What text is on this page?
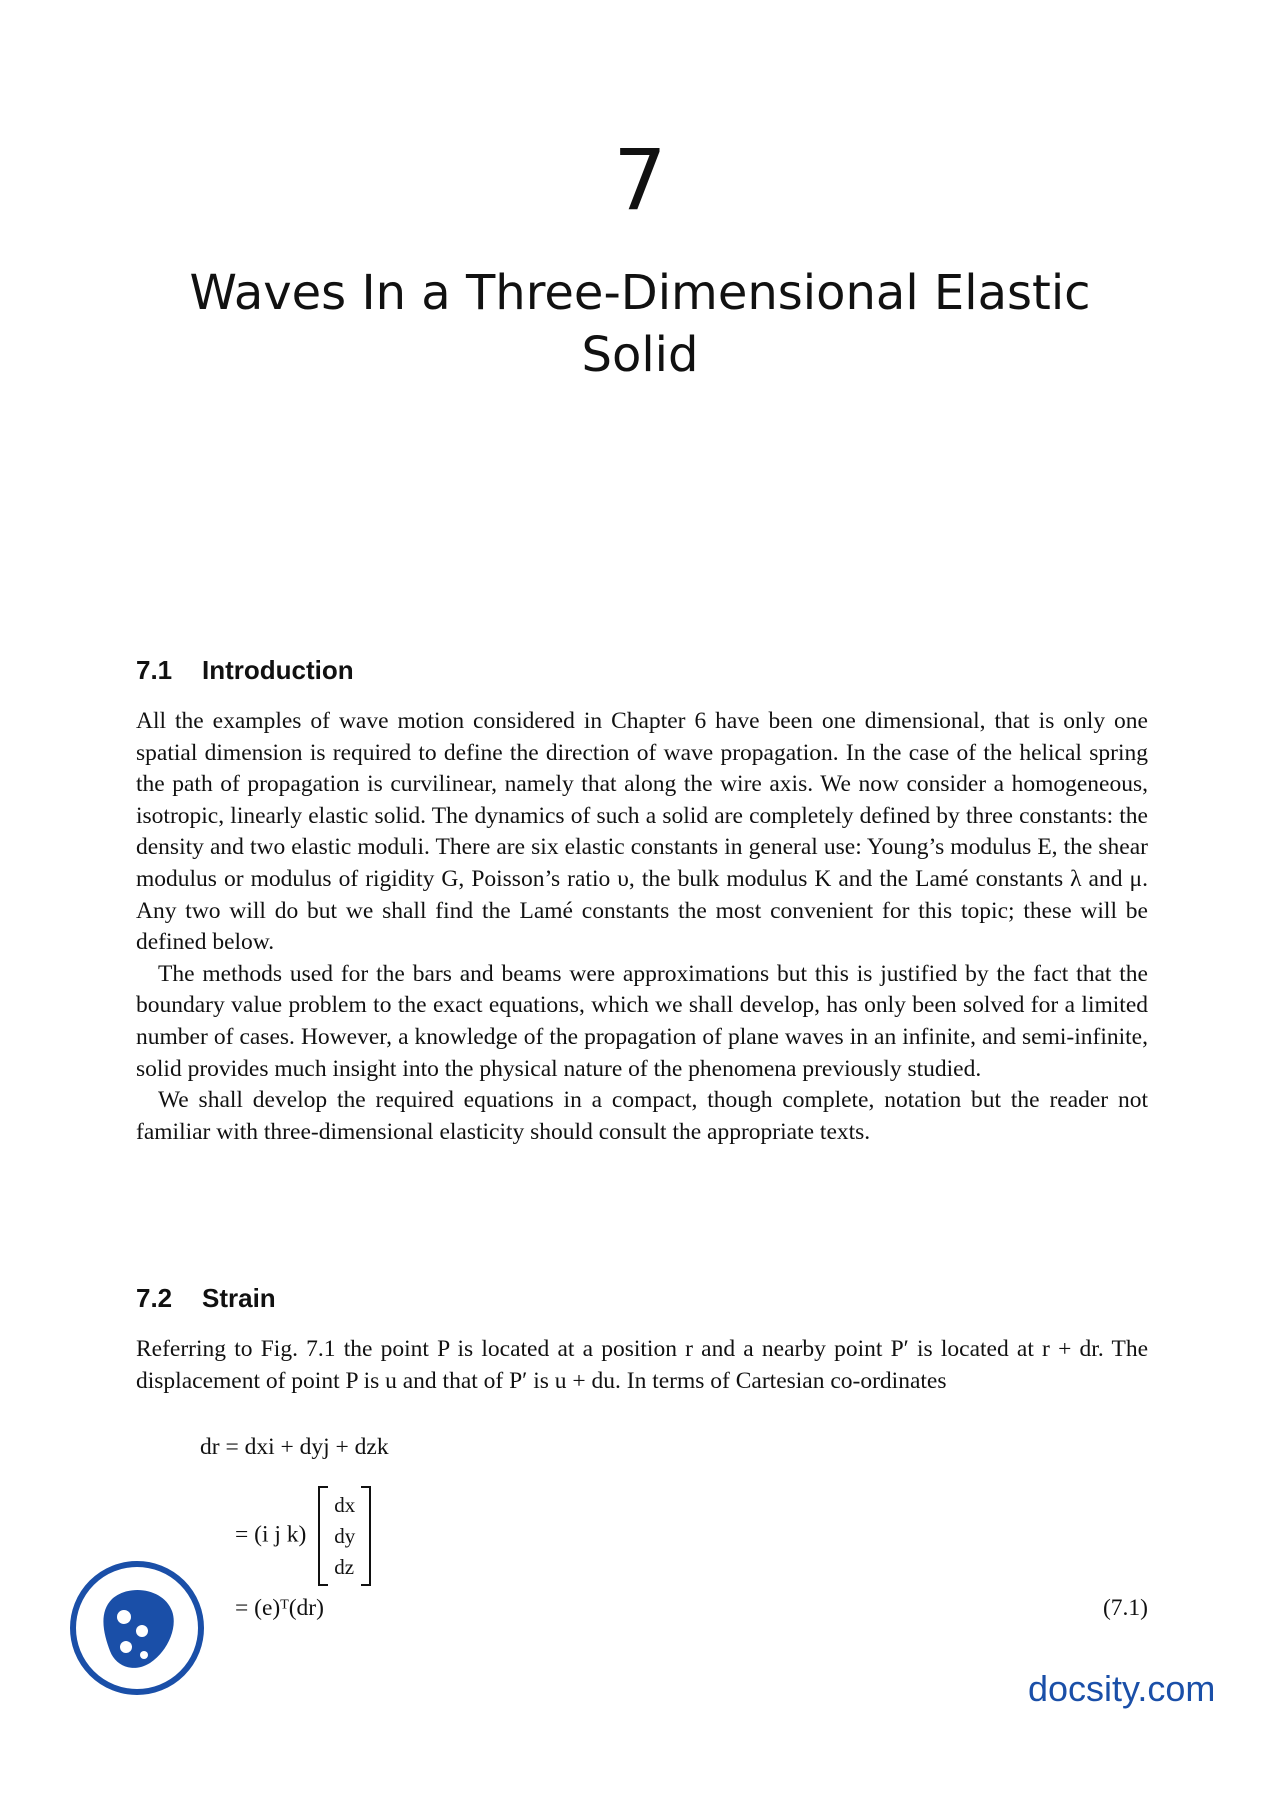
7
Waves In a Three-Dimensional Elastic
Solid
7.1 Introduction

All the examples of wave motion considered in Chapter 6 have been one dimensional, that is only one spatial dimension is required to define the direction of wave propagation. In the case of the helical spring the path of propagation is curvilinear, namely that along the wire axis. We now consider a homogeneous, isotropic, linearly elastic solid. The dynamics of such a solid are completely defined by three constants: the density and two elastic moduli. There are six elastic constants in general use: Young’s modulus E, the shear modulus or modulus of rigidity G, Poisson’s ratio υ, the bulk modulus K and the Lamé constants λ and μ. Any two will do but we shall find the Lamé constants the most convenient for this topic; these will be defined below.

The methods used for the bars and beams were approximations but this is justified by the fact that the boundary value problem to the exact equations, which we shall develop, has only been solved for a limited number of cases. However, a knowledge of the propagation of plane waves in an infinite, and semi-infinite, solid provides much insight into the physical nature of the phenomena previously studied.

We shall develop the required equations in a compact, though complete, notation but the reader not familiar with three-dimensional elasticity should consult the appropriate texts.

7.2 Strain

Referring to Fig. 7.1 the point P is located at a position r and a nearby point P′ is located at r + dr. The displacement of point P is u and that of P′ is u + du. In terms of Cartesian co-ordinates

dr = dxi + dyj + dzk
= (i j k)
dx
dy
dz
= (e)ᵀ(dr)	(7.1)
docsity.com
